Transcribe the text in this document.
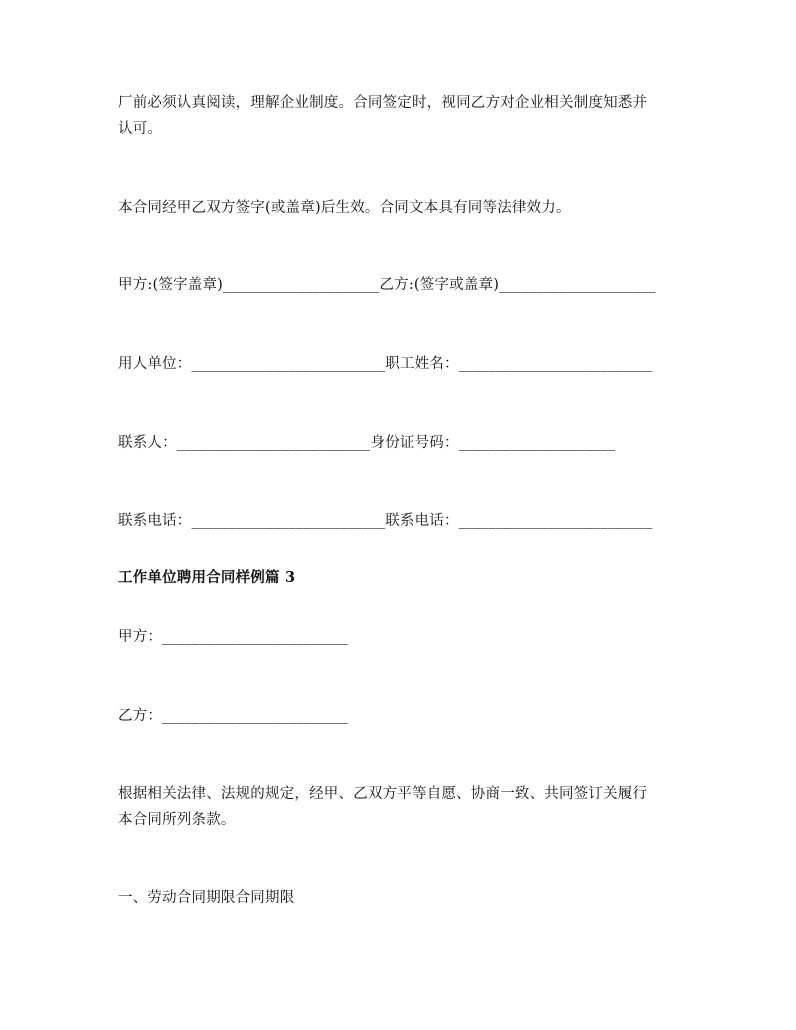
厂前必须认真阅读，理解企业制度。合同签定时，视同乙方对企业相关制度知悉并
认可。
本合同经甲乙双方签字(或盖章)后生效。合同文本具有同等法律效力。
甲方:(签字盖章)_____________________乙方:(签字或盖章)_____________________
用人单位：__________________________职工姓名：__________________________
联系人：__________________________身份证号码：_____________________
联系电话：__________________________联系电话：__________________________
工作单位聘用合同样例篇 3
甲方：_________________________
乙方：_________________________
根据相关法律、法规的规定，经甲、乙双方平等自愿、协商一致、共同签订关履行
本合同所列条款。
一、劳动合同期限合同期限
